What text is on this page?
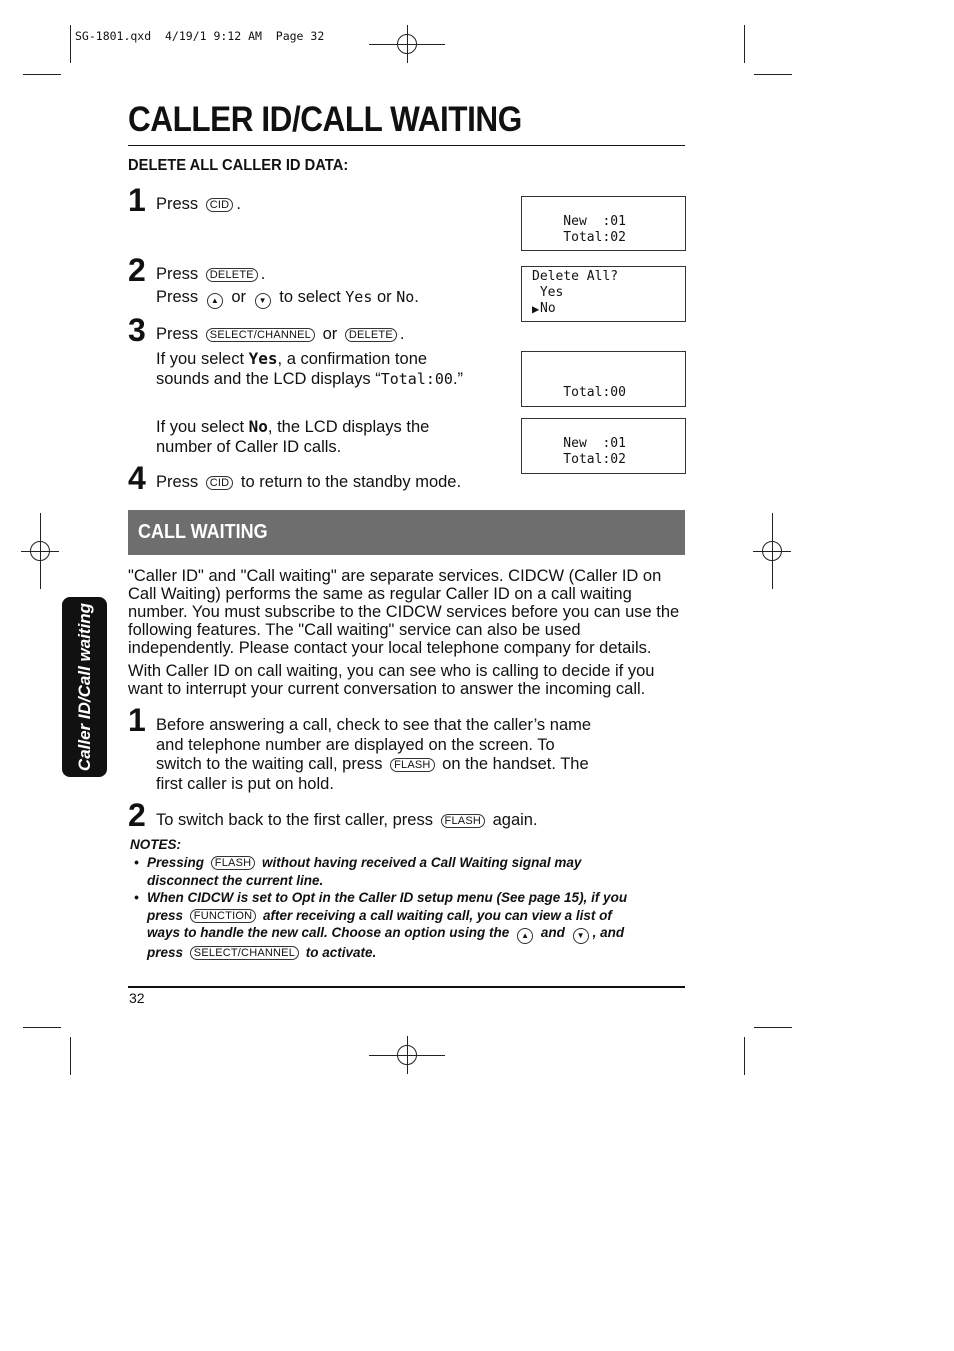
SG-1801.qxd  4/19/1 9:12 AM  Page 32
CALLER ID/CALL WAITING
DELETE ALL CALLER ID DATA:
1 Press CID .
2 Press DELETE .
Press ▲ or ▼ to select Yes or No.
3 Press SELECT/CHANNEL or DELETE .
If you select Yes, a confirmation tone
sounds and the LCD displays “Total:00.”
If you select No, the LCD displays the
number of Caller ID calls.
4 Press CID to return to the standby mode.
New  :01
Total:02
Delete All?
Yes
▶ No
Total:00
New  :01
Total:02
CALL WAITING
"Caller ID" and "Call waiting" are separate services. CIDCW (Caller ID on Call Waiting) performs the same as regular Caller ID on a call waiting number. You must subscribe to the CIDCW services before you can use the following features. The "Call waiting" service can also be used independently. Please contact your local telephone company for details.
With Caller ID on call waiting, you can see who is calling to decide if you want to interrupt your current conversation to answer the incoming call.
1 Before answering a call, check to see that the caller’s name
and telephone number are displayed on the screen. To
switch to the waiting call, press FLASH on the handset. The
first caller is put on hold.
2 To switch back to the first caller, press FLASH again.
NOTES:
• Pressing FLASH without having received a Call Waiting signal may
disconnect the current line.
• When CIDCW is set to Opt in the Caller ID setup menu (See page 15), if you
press FUNCTION after receiving a call waiting call, you can view a list of
ways to handle the new call. Choose an option using the ▲ and ▼ , and
press SELECT/CHANNEL to activate.
32
Caller ID/Call waiting
